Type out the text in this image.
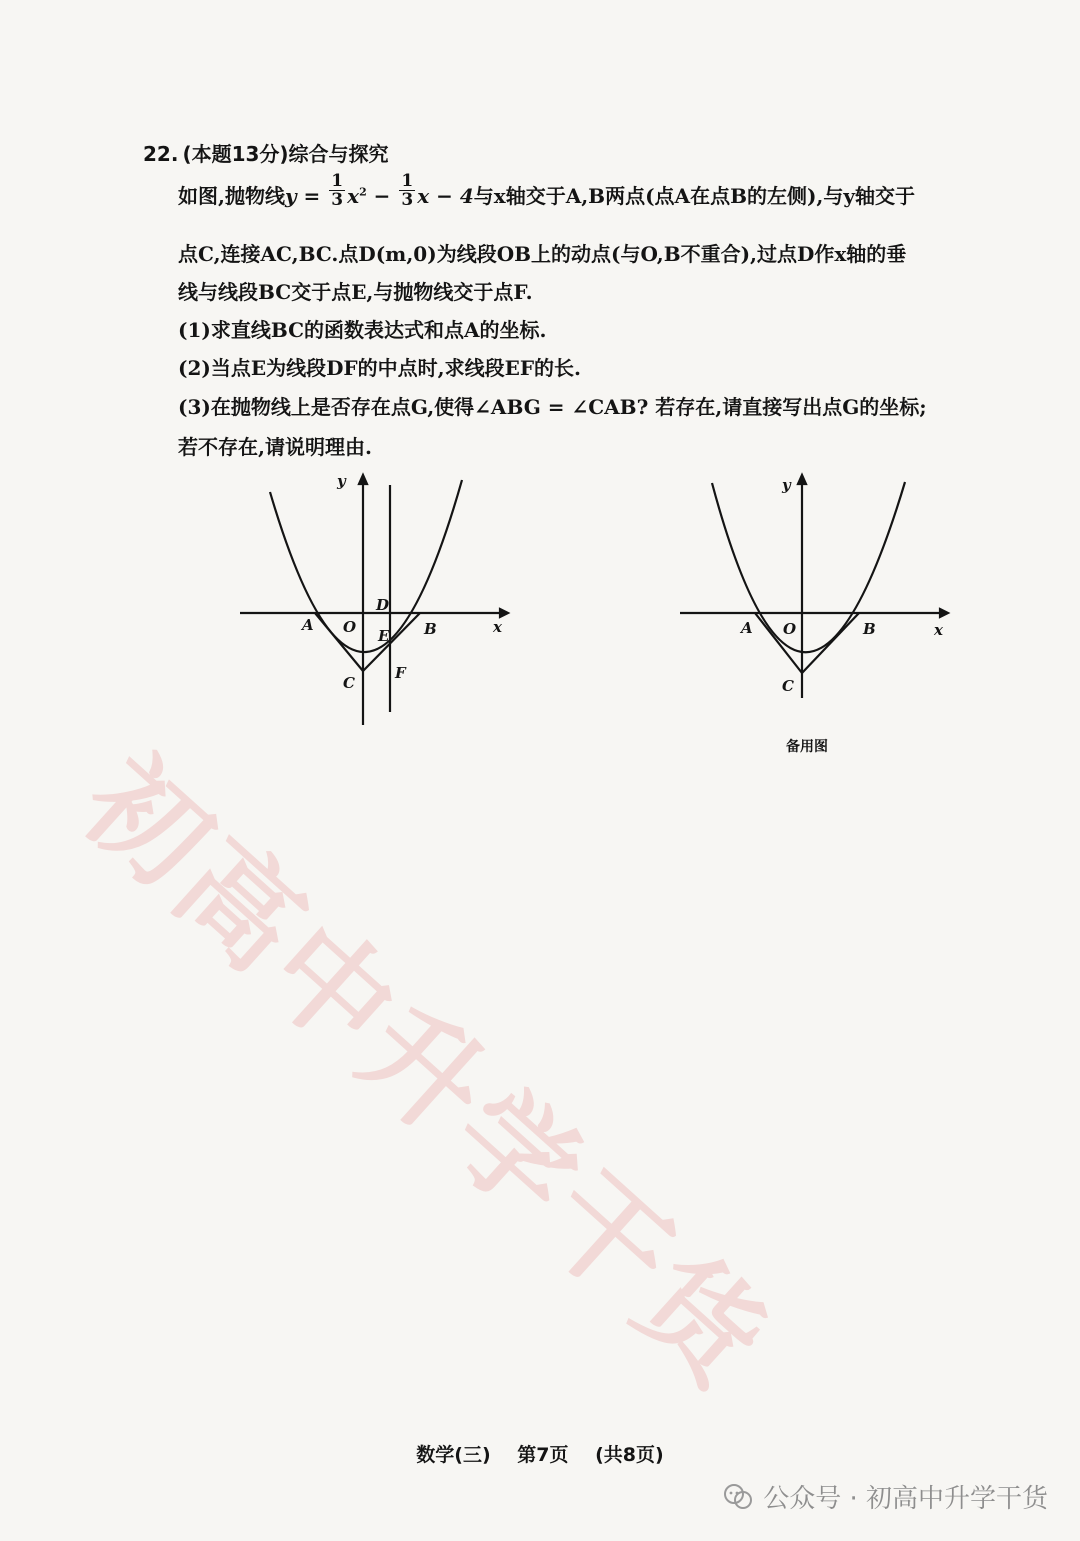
22. (本题13分)综合与探究
如图,抛物线$y = \frac{1}{3} x^2 - \frac{1}{3}$ x − 4与x轴交于A,B两点(点A在点B的左侧),与y轴交于
点C,连接AC,BC.点D(m,0)为线段OB上的动点(与O,B不重合),过点D作x轴的垂
线与线段BC交于点E,与抛物线交于点F.
(1)求直线BC的函数表达式和点A的坐标.
(2)当点E为线段DF的中点时,求线段EF的长.
(3)在抛物线上是否存在点G,使得∠ABG = ∠CAB? 若存在,请直接写出点G的坐标;
若不存在,请说明理由.
y
x
A O	B
C
D
E
F
y
x
A O	B
C
备用图
初高中升学干货
数学(三) 第7页 (共8页)
公众号 · 初高中升学干货
